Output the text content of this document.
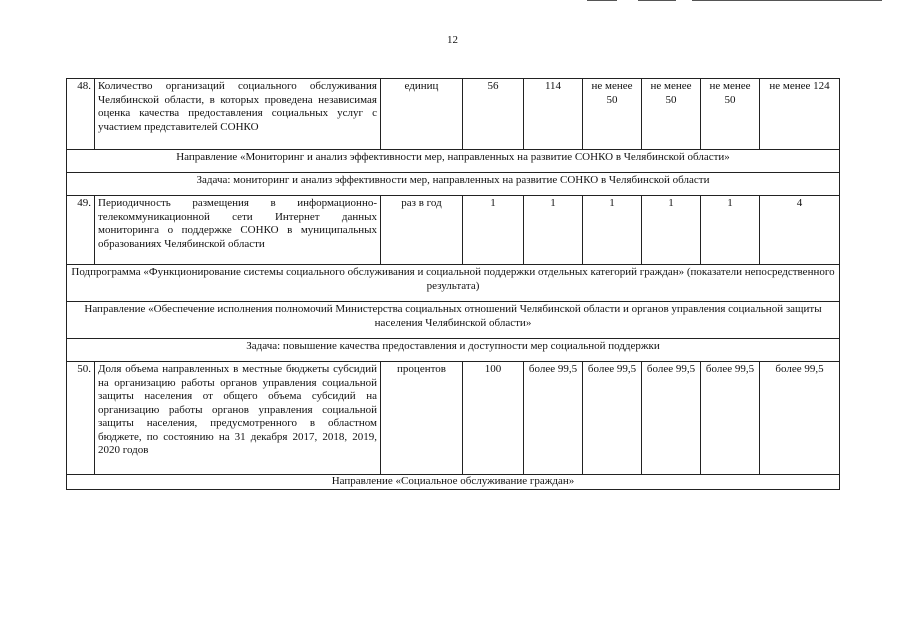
12
48.	Количество организаций социального обслуживания Челябинской области, в которых проведена независимая оценка качества предоставления социальных услуг с участием представителей СОНКО	единиц	56	114	не менее 50	не менее 50	не менее 50	не менее 124
Направление «Мониторинг и анализ эффективности мер, направленных на развитие СОНКО в Челябинской области»								
Задача: мониторинг и анализ эффективности мер, направленных на развитие СОНКО в Челябинской области								
49.	Периодичность размещения в информационно-телекоммуникационной сети Интернет данных мониторинга о поддержке СОНКО в муниципальных образованиях Челябинской области	раз в год	1	1	1	1	1	4
Подпрограмма «Функционирование системы социального обслуживания и социальной поддержки отдельных категорий граждан» (показатели непосредственного результата)								
Направление «Обеспечение исполнения полномочий Министерства социальных отношений Челябинской области и органов управления социальной защиты населения Челябинской области»								
Задача: повышение качества предоставления и доступности мер социальной поддержки								
50.	Доля объема направленных в местные бюджеты субсидий на организацию работы органов управления социальной защиты населения от общего объема субсидий на организацию работы органов управления социальной защиты населения, предусмотренного в областном бюджете, по состоянию на 31 декабря 2017, 2018, 2019, 2020 годов	процентов	100	более 99,5	более 99,5	более 99,5	более 99,5	более 99,5
Направление «Социальное обслуживание граждан»								
